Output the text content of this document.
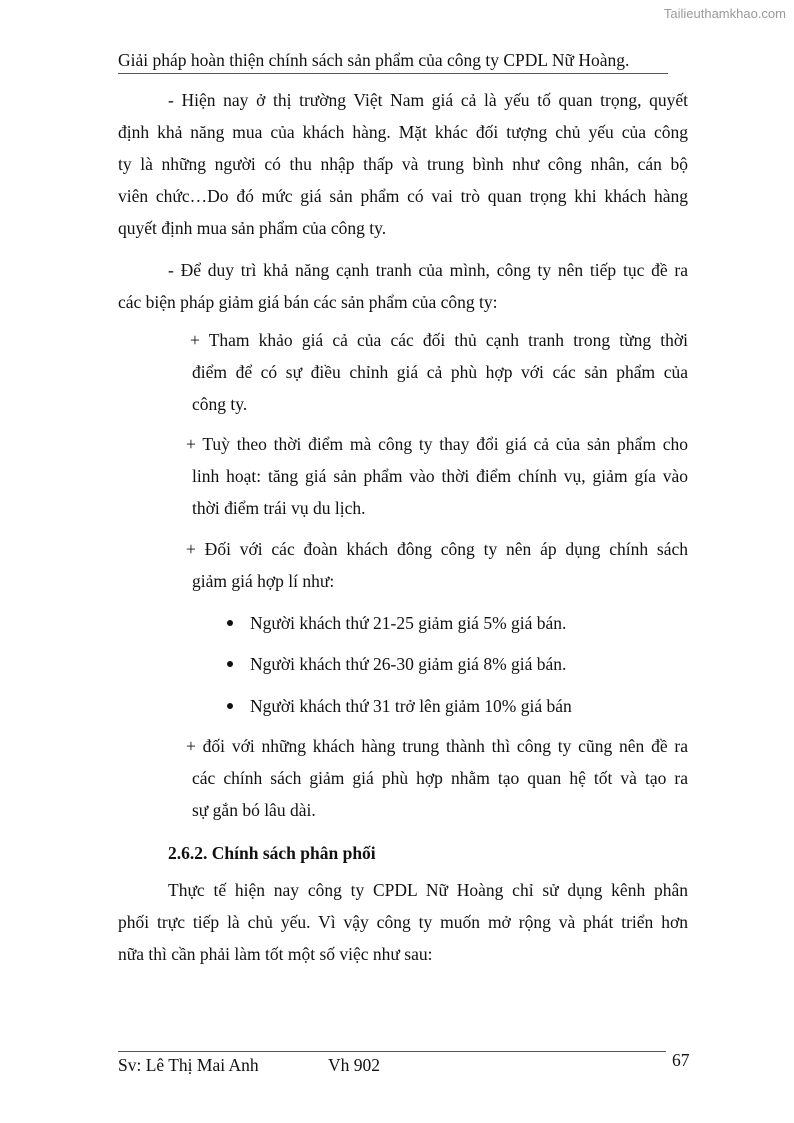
Tailieuthamkhao.com
Giải pháp hoàn thiện chính sách sản phẩm của công ty CPDL Nữ Hoàng.
- Hiện nay ở thị trường Việt Nam giá cả là yếu tố quan trọng, quyết
định khả năng mua của khách hàng. Mặt khác đối tượng chủ yếu của công
ty là những người có thu nhập thấp và trung bình như công nhân, cán bộ
viên chức…Do đó mức giá sản phẩm có vai trò quan trọng khi khách hàng
quyết định mua sản phẩm của công ty.
- Để duy trì khả năng cạnh tranh của mình, công ty nên tiếp tục đề ra
các biện pháp giảm giá bán các sản phẩm của công ty:
+ Tham khảo giá cả của các đối thủ cạnh tranh trong từng thời
điểm để có sự điều chỉnh giá cả phù hợp với các sản phẩm của
công ty.
+ Tuỳ theo thời điểm mà công ty thay đổi giá cả của sản phẩm cho
linh hoạt: tăng giá sản phẩm vào thời điểm chính vụ, giảm gía vào
thời điểm trái vụ du lịch.
+ Đối với các đoàn khách đông công ty nên áp dụng chính sách
giảm giá hợp lí như:
+ đối với những khách hàng trung thành thì công ty cũng nên đề ra
các chính sách giảm giá phù hợp nhằm tạo quan hệ tốt và tạo ra
sự gắn bó lâu dài.
Thực tế hiện nay công ty CPDL Nữ Hoàng chỉ sử dụng kênh phân
phối trực tiếp là chủ yếu. Vì vậy công ty muốn mở rộng và phát triển hơn
nữa thì cần phải làm tốt một số việc như sau:
Người khách thứ 21-25 giảm giá 5% giá bán.
Người khách thứ 26-30 giảm giá 8% giá bán.
Người khách thứ 31 trở lên giảm 10% giá bán
2.6.2. Chính sách phân phối
Sv: Lê Thị Mai Anh	Vh 902	67
